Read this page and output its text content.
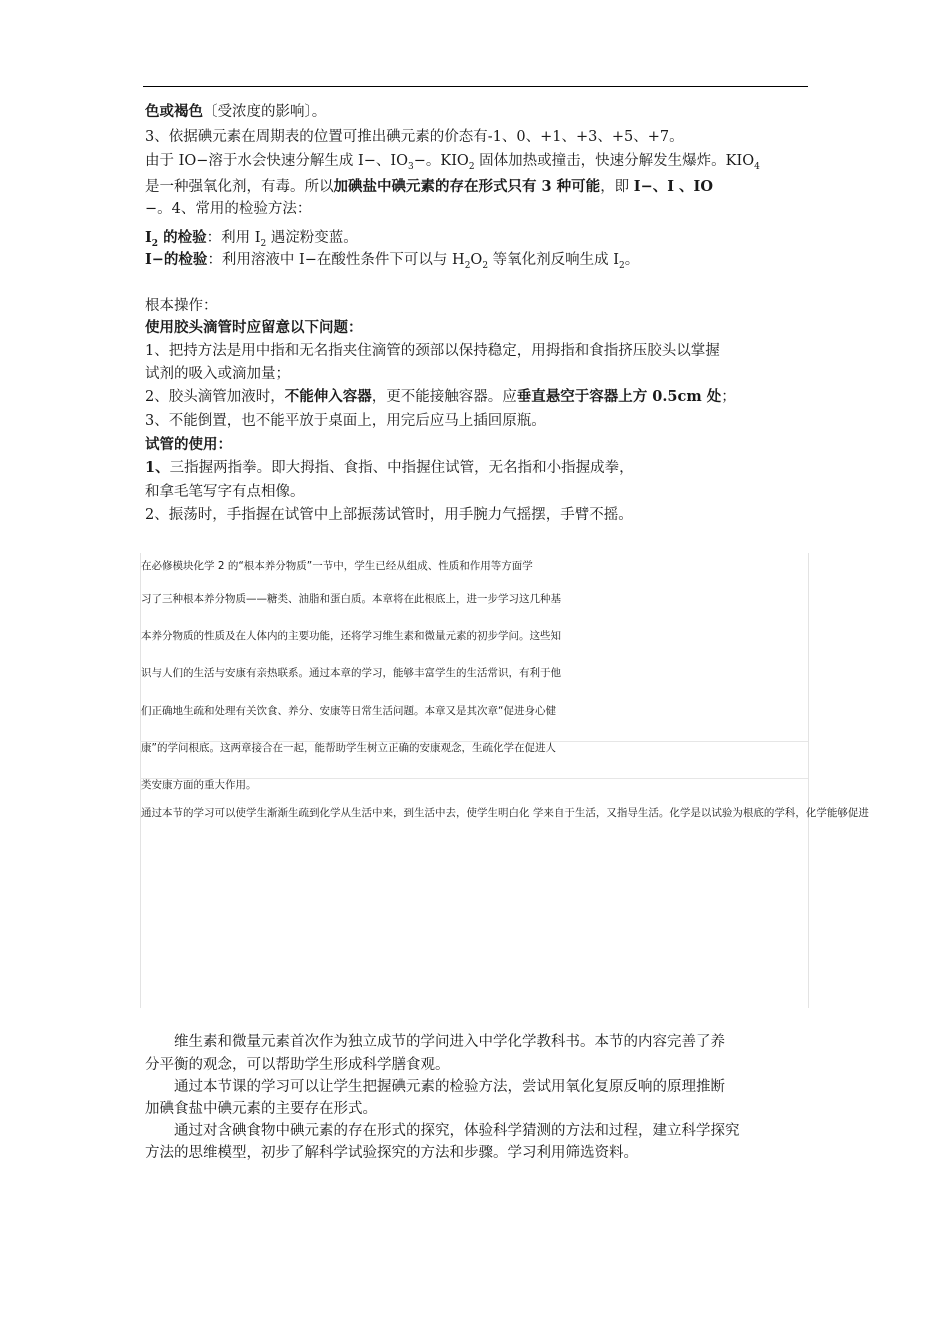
色或褐色〔受浓度的影响〕。
3、依据碘元素在周期表的位置可推出碘元素的价态有-1、0、+1、+3、+5、+7。
由于 IO−溶于水会快速分解生成 I−、$IO_3-$。$KIO_2$ 固体加热或撞击，快速分解发生爆炸。$KIO_4$
是一种强氧化剂，有毒。所以加碘盐中碘元素的存在形式只有 3 种可能，即 I−、I 、IO
−。4、常用的检验方法：
$I_2$ 的检验：利用 $I_2$ 遇淀粉变蓝。
I−的检验：利用溶液中 I−在酸性条件下可以与 $H_2O_2$ 等氧化剂反响生成 $I_2$。
根本操作：
使用胶头滴管时应留意以下问题：
1、把持方法是用中指和无名指夹住滴管的颈部以保持稳定，用拇指和食指挤压胶头以掌握
试剂的吸入或滴加量；
2、胶头滴管加液时，不能伸入容器，更不能接触容器。应垂直悬空于容器上方 0.5cm 处；
3、不能倒置，也不能平放于桌面上，用完后应马上插回原瓶。
试管的使用：
1、三指握两指拳。即大拇指、食指、中指握住试管，无名指和小指握成拳，
和拿毛笔写字有点相像。
2、振荡时，手指握在试管中上部振荡试管时，用手腕力气摇摆，手臂不摇。
在必修模块化学 2 的“根本养分物质”一节中，学生已经从组成、性质和作用等方面学
习了三种根本养分物质——糖类、油脂和蛋白质。本章将在此根底上，进一步学习这几种基
本养分物质的性质及在人体内的主要功能，还将学习维生素和微量元素的初步学问。这些知
识与人们的生活与安康有亲热联系。通过本章的学习，能够丰富学生的生活常识，有利于他
们正确地生疏和处理有关饮食、养分、安康等日常生活问题。本章又是其次章“促进身心健
康”的学问根底。这两章接合在一起，能帮助学生树立正确的安康观念，生疏化学在促进人
类安康方面的重大作用。
通过本节的学习可以使学生渐渐生疏到化学从生活中来，到生活中去，使学生明白化 学来自于生活，又指导生活。化学是以试验为根底的学科，化学能够促进
　　维生素和微量元素首次作为独立成节的学问进入中学化学教科书。本节的内容完善了养
分平衡的观念，可以帮助学生形成科学膳食观。
　　通过本节课的学习可以让学生把握碘元素的检验方法，尝试用氧化复原反响的原理推断
加碘食盐中碘元素的主要存在形式。
　　通过对含碘食物中碘元素的存在形式的探究，体验科学猜测的方法和过程，建立科学探究
方法的思维模型，初步了解科学试验探究的方法和步骤。学习利用筛选资料。
